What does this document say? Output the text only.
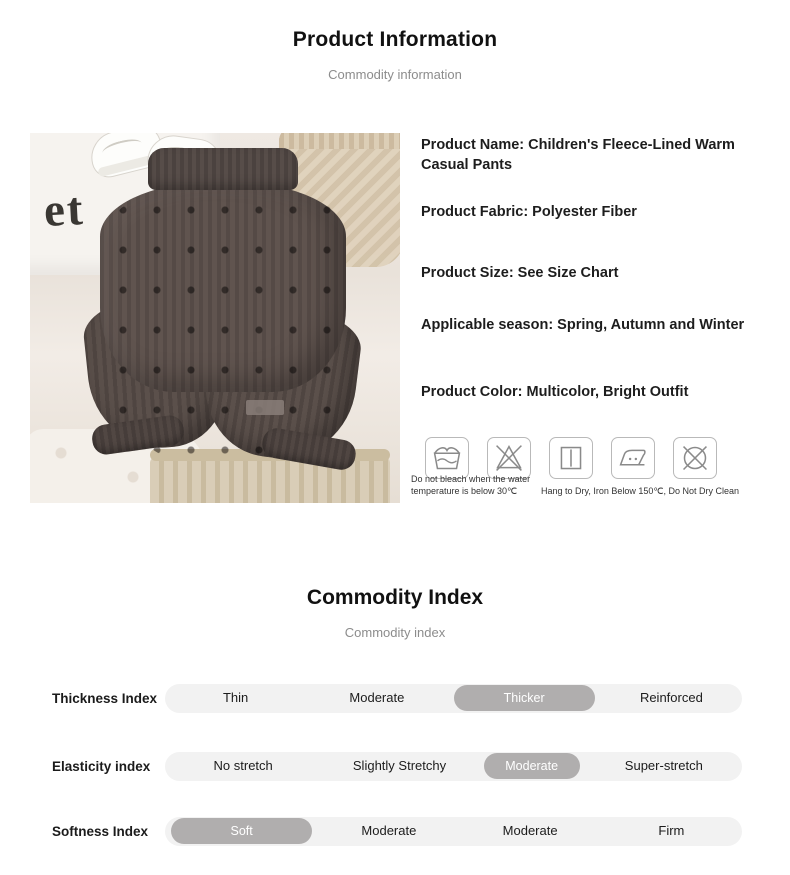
Product Information
Commodity information
et
Product Name: Children's Fleece-Lined Warm Casual Pants
Product Fabric: Polyester Fiber
Product Size: See Size Chart
Applicable season: Spring, Autumn and Winter
Product Color: Multicolor, Bright Outfit
Do not bleach when the water temperature is below 30℃	Hang to Dry, Iron Below 150℃, Do Not Dry Clean
Commodity Index
Commodity index
Thickness Index	Thin	Moderate	Thicker	Reinforced
Elasticity index	No stretch	Slightly Stretchy	Moderate	Super-stretch
Softness Index	Soft	Moderate	Moderate	Firm
